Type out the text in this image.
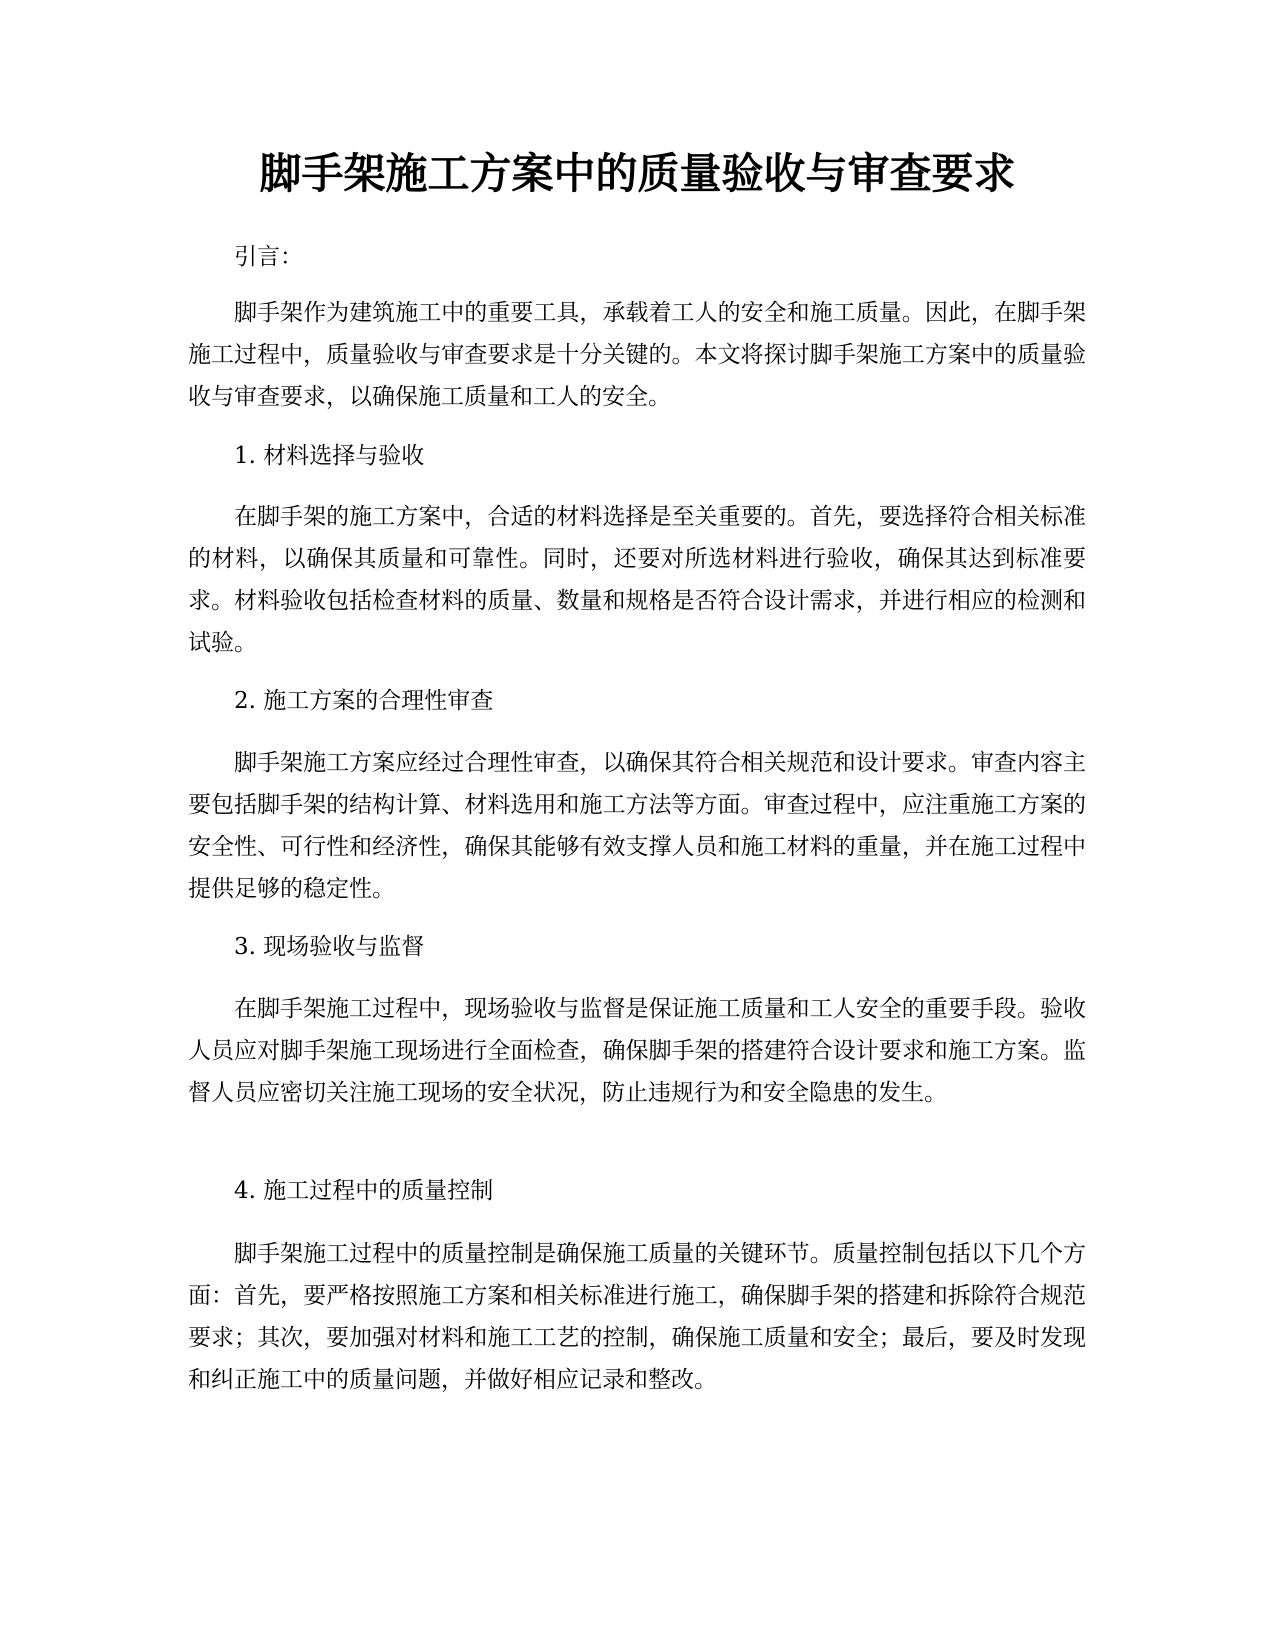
脚手架施工方案中的质量验收与审查要求

引言：

脚手架作为建筑施工中的重要工具，承载着工人的安全和施工质量。因此，在脚手架施工过程中，质量验收与审查要求是十分关键的。本文将探讨脚手架施工方案中的质量验收与审查要求，以确保施工质量和工人的安全。

1. 材料选择与验收

在脚手架的施工方案中，合适的材料选择是至关重要的。首先，要选择符合相关标准的材料，以确保其质量和可靠性。同时，还要对所选材料进行验收，确保其达到标准要求。材料验收包括检查材料的质量、数量和规格是否符合设计需求，并进行相应的检测和试验。

2. 施工方案的合理性审查

脚手架施工方案应经过合理性审查，以确保其符合相关规范和设计要求。审查内容主要包括脚手架的结构计算、材料选用和施工方法等方面。审查过程中，应注重施工方案的安全性、可行性和经济性，确保其能够有效支撑人员和施工材料的重量，并在施工过程中提供足够的稳定性。

3. 现场验收与监督

在脚手架施工过程中，现场验收与监督是保证施工质量和工人安全的重要手段。验收人员应对脚手架施工现场进行全面检查，确保脚手架的搭建符合设计要求和施工方案。监督人员应密切关注施工现场的安全状况，防止违规行为和安全隐患的发生。

4. 施工过程中的质量控制

脚手架施工过程中的质量控制是确保施工质量的关键环节。质量控制包括以下几个方面：首先，要严格按照施工方案和相关标准进行施工，确保脚手架的搭建和拆除符合规范要求；其次，要加强对材料和施工工艺的控制，确保施工质量和安全；最后，要及时发现和纠正施工中的质量问题，并做好相应记录和整改。
